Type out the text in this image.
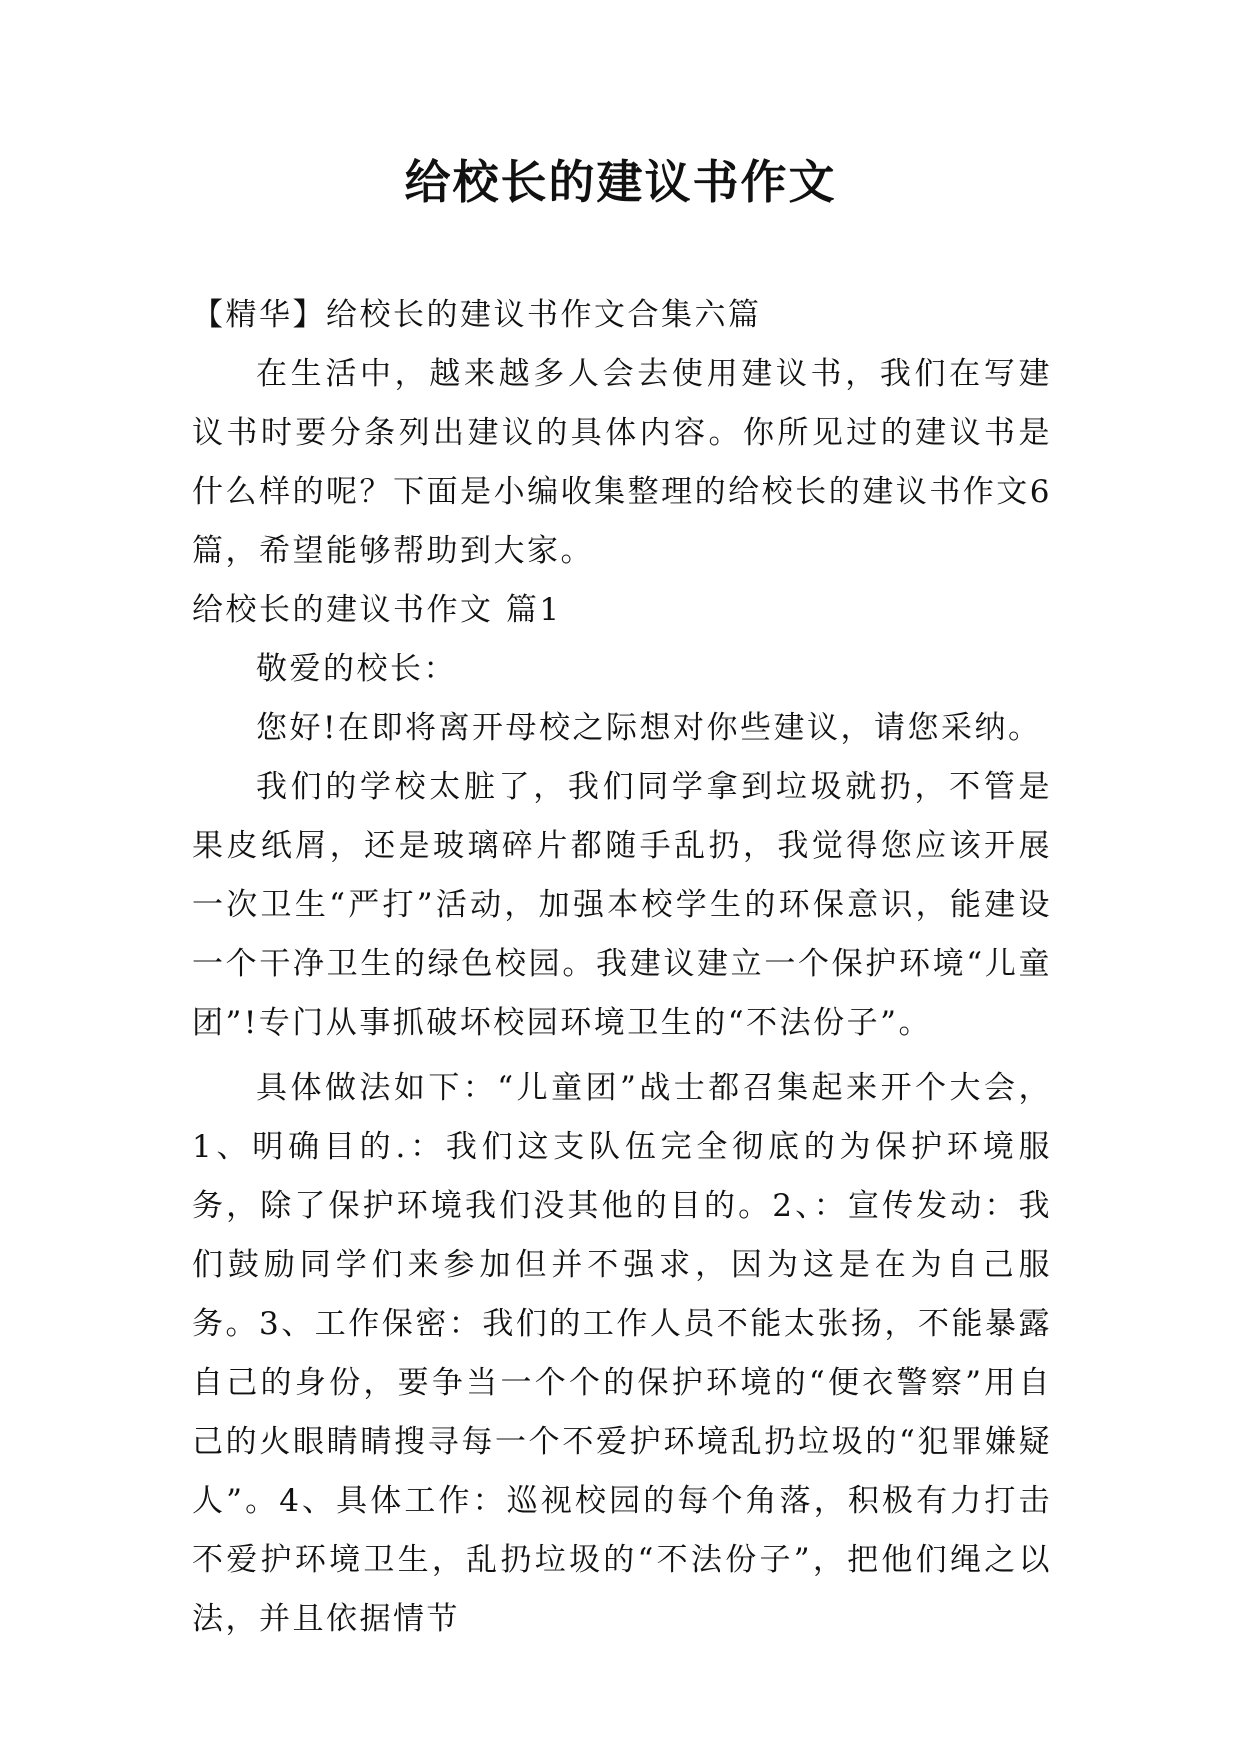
给校长的建议书作文

【精华】给校长的建议书作文合集六篇

在生活中，越来越多人会去使用建议书，我们在写建议书时要分条列出建议的具体内容。你所见过的建议书是什么样的呢？下面是小编收集整理的给校长的建议书作文6篇，希望能够帮助到大家。

给校长的建议书作文 篇1

敬爱的校长：

您好!在即将离开母校之际想对你些建议，请您采纳。

我们的学校太脏了，我们同学拿到垃圾就扔，不管是果皮纸屑，还是玻璃碎片都随手乱扔，我觉得您应该开展一次卫生“严打”活动，加强本校学生的环保意识，能建设一个干净卫生的绿色校园。我建议建立一个保护环境“儿童团”!专门从事抓破坏校园环境卫生的“不法份子”。

具体做法如下：“儿童团”战士都召集起来开个大会，1、明确目的.：我们这支队伍完全彻底的为保护环境服务，除了保护环境我们没其他的目的。2、：宣传发动：我们鼓励同学们来参加但并不强求，因为这是在为自己服务。3、工作保密：我们的工作人员不能太张扬，不能暴露自己的身份，要争当一个个的保护环境的“便衣警察”用自己的火眼睛睛搜寻每一个不爱护环境乱扔垃圾的“犯罪嫌疑人”。4、具体工作：巡视校园的每个角落，积极有力打击不爱护环境卫生，乱扔垃圾的“不法份子”，把他们绳之以法，并且依据情节
